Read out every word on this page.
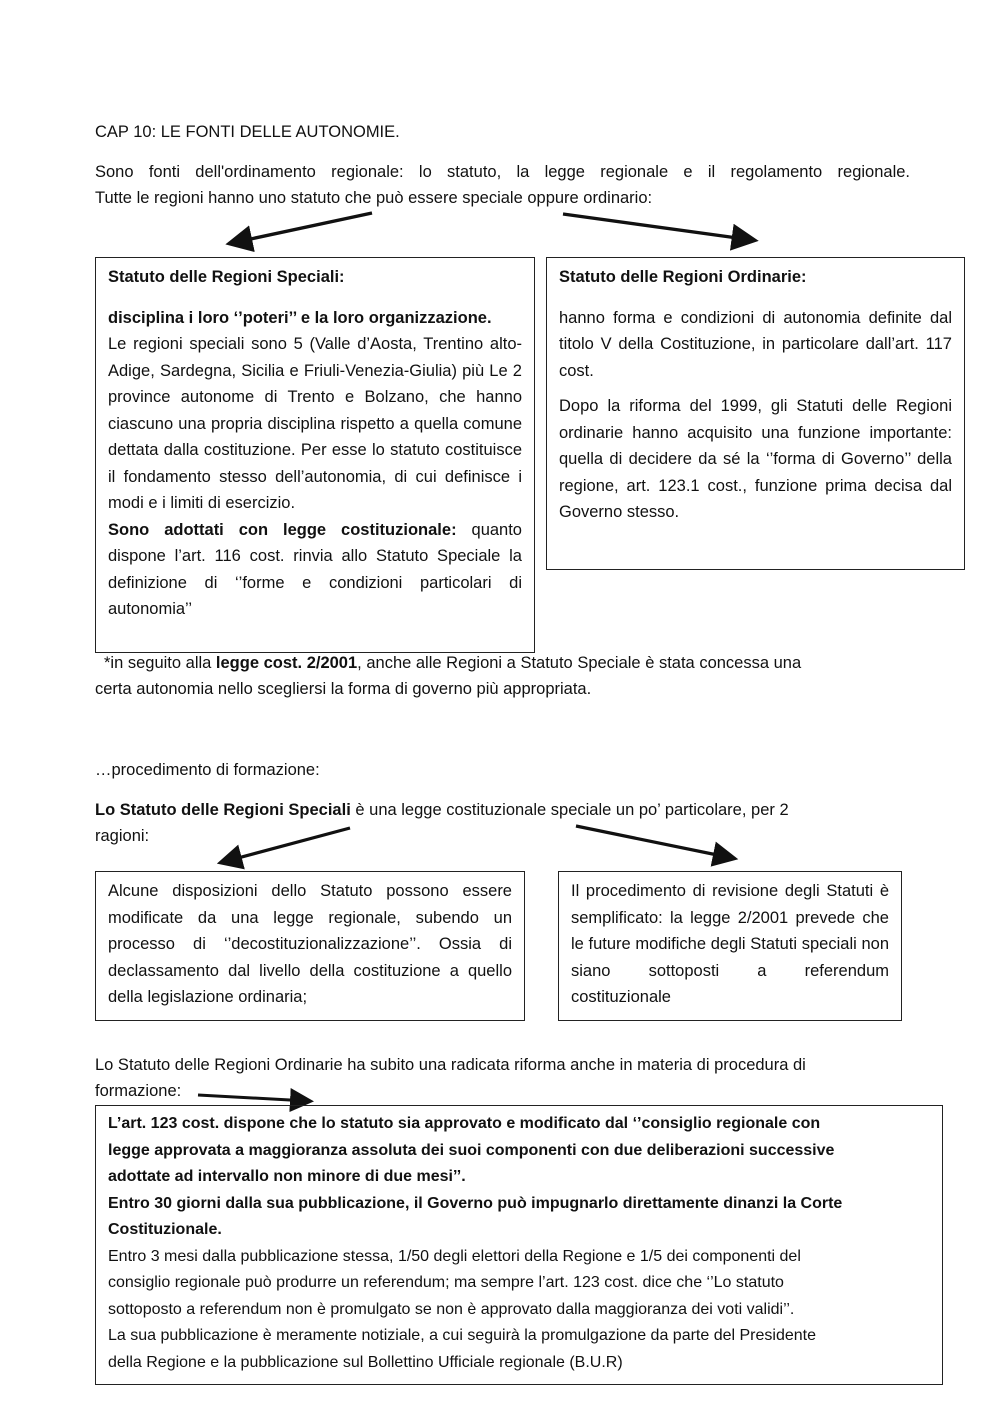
CAP 10: LE FONTI DELLE AUTONOMIE.
Sono fonti dell'ordinamento regionale: lo statuto, la legge regionale e il regolamento regionale.
Tutte le regioni hanno uno statuto che può essere speciale oppure ordinario:

Statuto delle Regioni Speciali:

disciplina i loro ‘’poteri’’ e la loro organizzazione.

Le regioni speciali sono 5 (Valle d’Aosta, Trentino alto-Adige, Sardegna, Sicilia e Friuli-Venezia-Giulia) più Le 2 province autonome di Trento e Bolzano, che hanno ciascuno una propria disciplina rispetto a quella comune dettata dalla costituzione. Per esse lo statuto costituisce il fondamento stesso dell’autonomia, di cui definisce i modi e i limiti di esercizio.

Sono adottati con legge costituzionale: quanto dispone l’art. 116 cost. rinvia allo Statuto Speciale la definizione di ‘’forme e condizioni particolari di autonomia’’

Statuto delle Regioni Ordinarie:

hanno forma e condizioni di autonomia definite dal titolo V della Costituzione, in particolare dall’art. 117 cost.

Dopo la riforma del 1999, gli Statuti delle Regioni ordinarie hanno acquisito una funzione importante: quella di decidere da sé la ‘’forma di Governo’’ della regione, art. 123.1 cost., funzione prima decisa dal Governo stesso.

*in seguito alla legge cost. 2/2001, anche alle Regioni a Statuto Speciale è stata concessa una
certa autonomia nello scegliersi la forma di governo più appropriata.
…procedimento di formazione:
Lo Statuto delle Regioni Speciali è una legge costituzionale speciale un po’ particolare, per 2
ragioni:

Alcune disposizioni dello Statuto possono essere modificate da una legge regionale, subendo un processo di ‘’decostituzionalizzazione’’. Ossia di declassamento dal livello della costituzione a quello della legislazione ordinaria;

Il procedimento di revisione degli Statuti è semplificato: la legge 2/2001 prevede che le future modifiche degli Statuti speciali non siano sottoposti a referendum costituzionale

Lo Statuto delle Regioni Ordinarie ha subito una radicata riforma anche in materia di procedura di
formazione:
L’art. 123 cost. dispone che lo statuto sia approvato e modificato dal ‘’consiglio regionale con
legge approvata a maggioranza assoluta dei suoi componenti con due deliberazioni successive
adottate ad intervallo non minore di due mesi’’.
Entro 30 giorni dalla sua pubblicazione, il Governo può impugnarlo direttamente dinanzi la Corte
Costituzionale.
Entro 3 mesi dalla pubblicazione stessa, 1/50 degli elettori della Regione e 1/5 dei componenti del
consiglio regionale può produrre un referendum; ma sempre l’art. 123 cost. dice che ‘’Lo statuto
sottoposto a referendum non è promulgato se non è approvato dalla maggioranza dei voti validi’’.
La sua pubblicazione è meramente notiziale, a cui seguirà la promulgazione da parte del Presidente
della Regione e la pubblicazione sul Bollettino Ufficiale regionale (B.U.R)
